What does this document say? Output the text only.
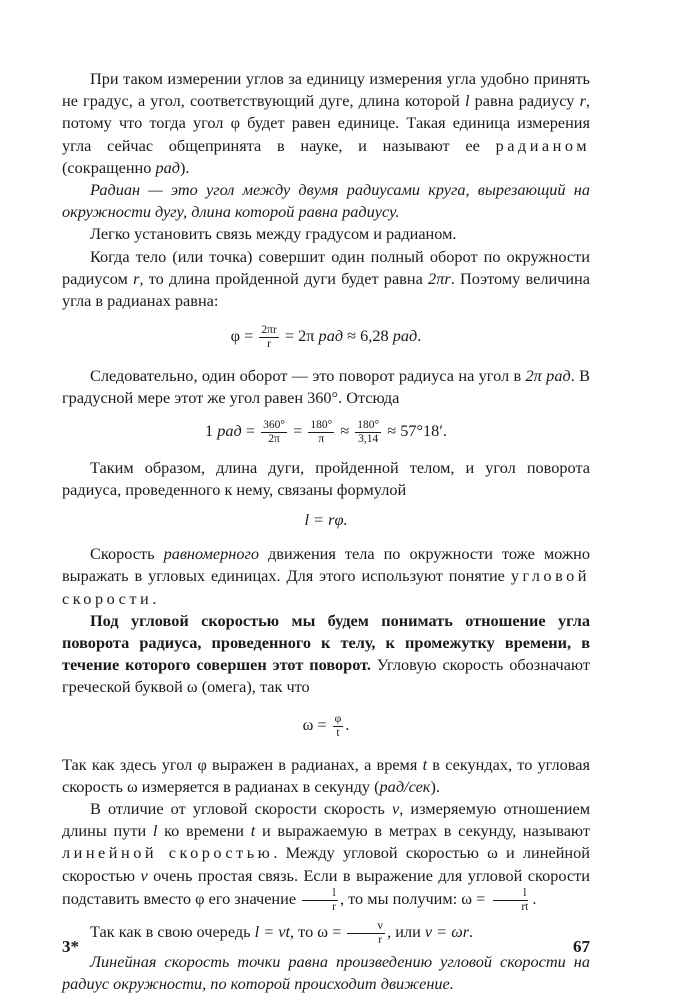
При таком измерении углов за единицу измерения угла удобно принять не градус, а угол, соответствующий дуге, длина которой l равна радиусу r, потому что тогда угол φ будет равен единице. Такая единица измерения угла сейчас общепринята в науке, и называют ее радианом (сокращенно рад).

Радиан — это угол между двумя радиусами круга, вырезающий на окружности дугу, длина которой равна радиусу.

Легко установить связь между градусом и радианом.

Когда тело (или точка) совершит один полный оборот по окружности радиусом r, то длина пройденной дуги будет равна 2πr. Поэтому величина угла в радианах равна:

$\varphi = \frac{2\pi r}{r} = 2\pi$ рад ≈ 6,28 рад.

Следовательно, один оборот — это поворот радиуса на угол в 2π рад. В градусной мере этот же угол равен 360°. Отсюда

1 рад = $\frac{360^\circ}{2\pi} = \frac{180^\circ}{\pi} \approx \frac{180^\circ}{3,14} \approx 57^\circ 18'$.

Таким образом, длина дуги, пройденной телом, и угол поворота радиуса, проведенного к нему, связаны формулой

l = rφ.

Скорость равномерного движения тела по окружности тоже можно выражать в угловых единицах. Для этого используют понятие угловой скорости.

Под угловой скоростью мы будем понимать отношение угла поворота радиуса, проведенного к телу, к промежутку времени, в течение которого совершен этот поворот. Угловую скорость обозначают греческой буквой ω (омега), так что

$\omega = \frac{\varphi}{t}$ .

Так как здесь угол φ выражен в радианах, а время t в секундах, то угловая скорость ω измеряется в радианах в секунду (рад/сек).

В отличие от угловой скорости скорость v, измеряемую отношением длины пути l ко времени t и выражаемую в метрах в секунду, называют линейной скоростью. Между угловой скоростью ω и линейной скоростью v очень простая связь. Если в выражение для угловой скорости подставить вместо φ его значение $\frac{l}{r}$ , то мы получим: $\omega = \frac{l}{rt}$ .

Так как в свою очередь l = vt, то $\omega = \frac{v}{r}$ , или v = ωr.

Линейная скорость точки равна произведению угловой скорости на радиус окружности, по которой происходит движение.

3*	67
